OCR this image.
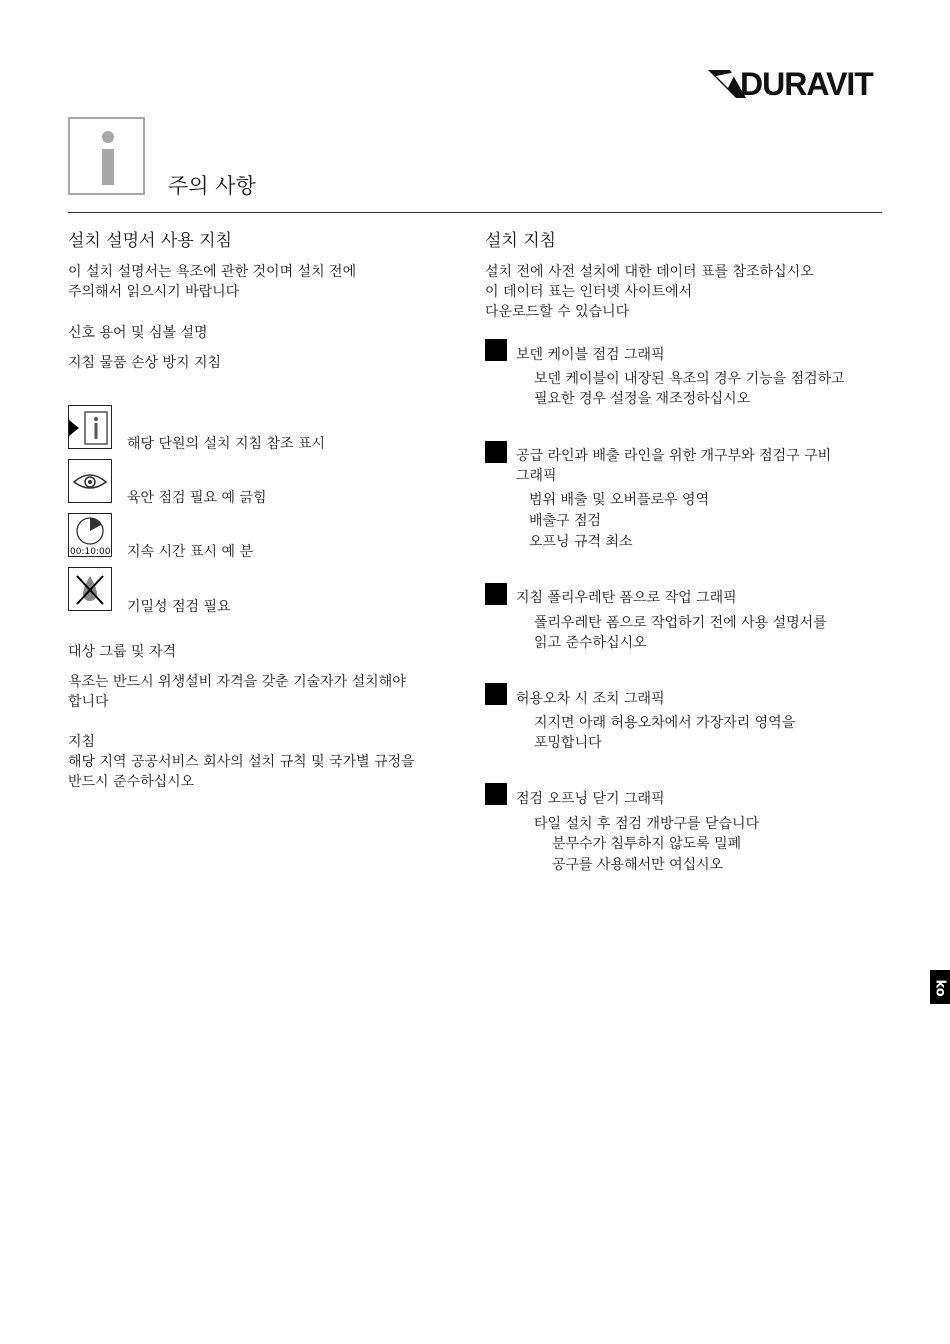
DURAVIT
주의 사항
설치 설명서 사용 지침
이 설치 설명서는 욕조에 관한 것이며 설치 전에
주의해서 읽으시기 바랍니다
신호 용어 및 심볼 설명
지침 물품 손상 방지 지침
해당 단원의 설치 지침 참조 표시
육안 점검 필요 예 긁힘
00:10:00 지속 시간 표시 예 분
기밀성 점검 필요
대상 그룹 및 자격
욕조는 반드시 위생설비 자격을 갖춘 기술자가 설치해야
합니다
지침
해당 지역 공공서비스 회사의 설치 규칙 및 국가별 규정을
반드시 준수하십시오
설치 지침
설치 전에 사전 설치에 대한 데이터 표를 참조하십시오
이 데이터 표는 인터넷 사이트에서
다운로드할 수 있습니다
보덴 케이블 점검 그래픽
보덴 케이블이 내장된 욕조의 경우 기능을 점검하고
필요한 경우 설정을 재조정하십시오
공급 라인과 배출 라인을 위한 개구부와 점검구 구비
그래픽
범위 배출 및 오버플로우 영역
배출구 점검
오프닝 규격 최소
지침 폴리우레탄 폼으로 작업 그래픽
폴리우레탄 폼으로 작업하기 전에 사용 설명서를
읽고 준수하십시오
허용오차 시 조치 그래픽
지지면 아래 허용오차에서 가장자리 영역을
포밍합니다
점검 오프닝 닫기 그래픽
타일 설치 후 점검 개방구를 닫습니다
분무수가 침투하지 않도록 밀폐
공구를 사용해서만 여십시오
ko
